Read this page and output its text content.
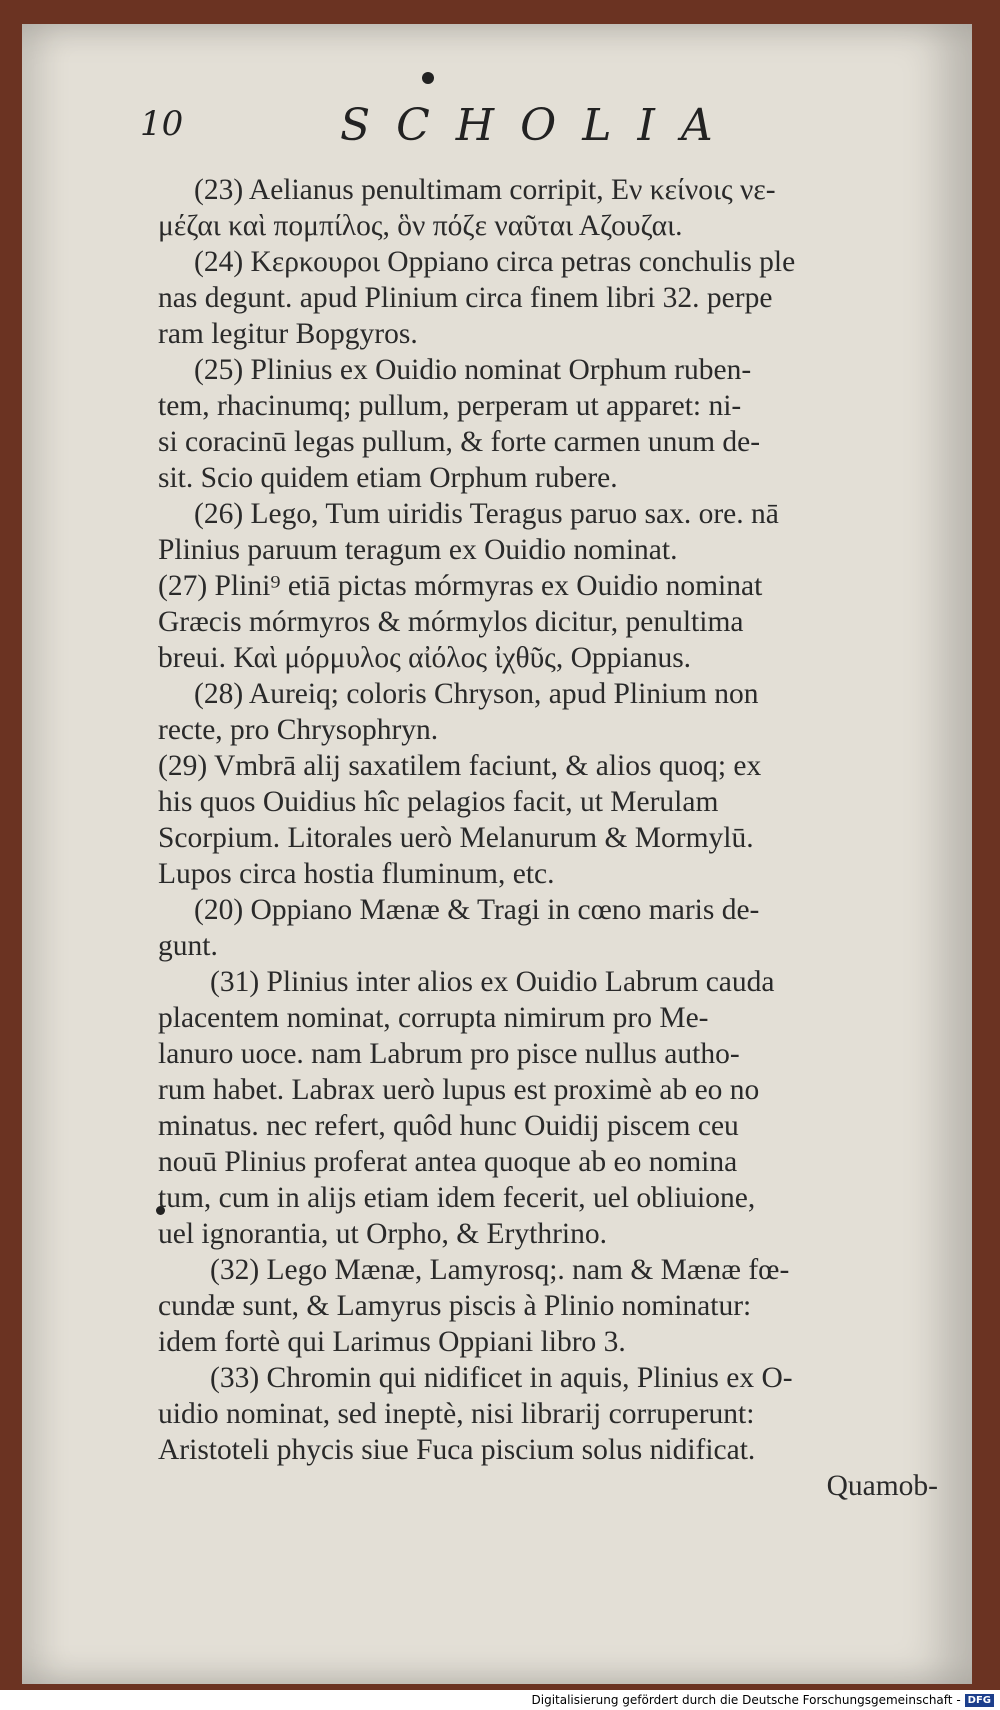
10	SCHOLIA
(23) Aelianus penultimam corripit, Εν κείνοις νε-
μέζαι καὶ πομπίλος, ὃν πόζε ναῦται Αζουζαι.
(24) Κερκουροι Oppiano circa petras conchulis ple
nas degunt. apud Plinium circa finem libri 32. perpe
ram legitur Bopgyros.
(25) Plinius ex Ouidio nominat Orphum ruben-
tem, rhacinumq; pullum, perperam ut apparet: ni-
si coracinū legas pullum, & forte carmen unum de-
sit. Scio quidem etiam Orphum rubere.
(26) Lego, Tum uiridis Teragus paruo sax. ore. nā
Plinius paruum teragum ex Ouidio nominat.
(27) Plini⁹ etiā pictas mórmyras ex Ouidio nominat
Græcis mórmyros & mórmylos dicitur, penultima
breui. Καὶ μόρμυλος αἰόλος ἰχθῦς, Oppianus.
(28) Aureiq; coloris Chryson, apud Plinium non
recte, pro Chrysophryn.
(29) Vmbrā alij saxatilem faciunt, & alios quoq; ex
his quos Ouidius hîc pelagios facit, ut Merulam
Scorpium. Litorales uerò Melanurum & Mormylū.
Lupos circa hostia fluminum, etc.
(20) Oppiano Mænæ & Tragi in cœno maris de-
gunt.
(31) Plinius inter alios ex Ouidio Labrum cauda
placentem nominat, corrupta nimirum pro Me-
lanuro uoce. nam Labrum pro pisce nullus autho-
rum habet. Labrax uerò lupus est proximè ab eo no
minatus. nec refert, quôd hunc Ouidij piscem ceu
nouū Plinius proferat antea quoque ab eo nomina
tum, cum in alijs etiam idem fecerit, uel obliuione,
uel ignorantia, ut Orpho, & Erythrino.
(32) Lego Mænæ, Lamyrosq;. nam & Mænæ fœ-
cundæ sunt, & Lamyrus piscis à Plinio nominatur:
idem fortè qui Larimus Oppiani libro 3.
(33) Chromin qui nidificet in aquis, Plinius ex O-
uidio nominat, sed ineptè, nisi librarij corruperunt:
Aristoteli phycis siue Fuca piscium solus nidificat.
Quamob-
Digitalisierung gefördert durch die Deutsche Forschungsgemeinschaft - DFG
